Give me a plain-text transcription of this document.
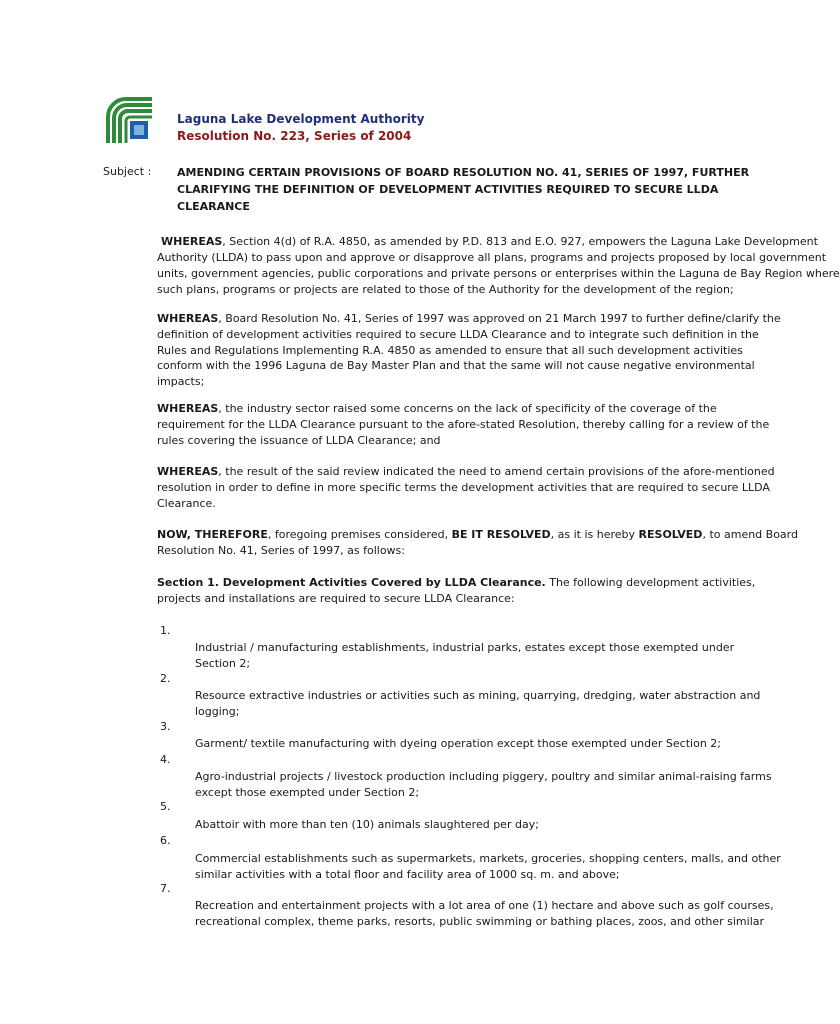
Laguna Lake Development Authority
Resolution No. 223, Series of 2004
Subject : AMENDING CERTAIN PROVISIONS OF BOARD RESOLUTION NO. 41, SERIES OF 1997, FURTHER
CLARIFYING THE DEFINITION OF DEVELOPMENT ACTIVITIES REQUIRED TO SECURE LLDA
CLEARANCE
WHEREAS, Section 4(d) of R.A. 4850, as amended by P.D. 813 and E.O. 927, empowers the Laguna Lake Development
Authority (LLDA) to pass upon and approve or disapprove all plans, programs and projects proposed by local government
units, government agencies, public corporations and private persons or enterprises within the Laguna de Bay Region where
such plans, programs or projects are related to those of the Authority for the development of the region;
WHEREAS, Board Resolution No. 41, Series of 1997 was approved on 21 March 1997 to further define/clarify the
definition of development activities required to secure LLDA Clearance and to integrate such definition in the
Rules and Regulations Implementing R.A. 4850 as amended to ensure that all such development activities
conform with the 1996 Laguna de Bay Master Plan and that the same will not cause negative environmental
impacts;
WHEREAS, the industry sector raised some concerns on the lack of specificity of the coverage of the
requirement for the LLDA Clearance pursuant to the afore-stated Resolution, thereby calling for a review of the
rules covering the issuance of LLDA Clearance; and
WHEREAS, the result of the said review indicated the need to amend certain provisions of the afore-mentioned
resolution in order to define in more specific terms the development activities that are required to secure LLDA
Clearance.
NOW, THEREFORE, foregoing premises considered, BE IT RESOLVED, as it is hereby RESOLVED, to amend Board
Resolution No. 41, Series of 1997, as follows:
Section 1. Development Activities Covered by LLDA Clearance. The following development activities,
projects and installations are required to secure LLDA Clearance:
1.
Industrial / manufacturing establishments, industrial parks, estates except those exempted under
Section 2;
2.
Resource extractive industries or activities such as mining, quarrying, dredging, water abstraction and
logging;
3.
Garment/ textile manufacturing with dyeing operation except those exempted under Section 2;
4.
Agro-industrial projects / livestock production including piggery, poultry and similar animal-raising farms
except those exempted under Section 2;
5.
Abattoir with more than ten (10) animals slaughtered per day;
6.
Commercial establishments such as supermarkets, markets, groceries, shopping centers, malls, and other
similar activities with a total floor and facility area of 1000 sq. m. and above;
7.
Recreation and entertainment projects with a lot area of one (1) hectare and above such as golf courses,
recreational complex, theme parks, resorts, public swimming or bathing places, zoos, and other similar
